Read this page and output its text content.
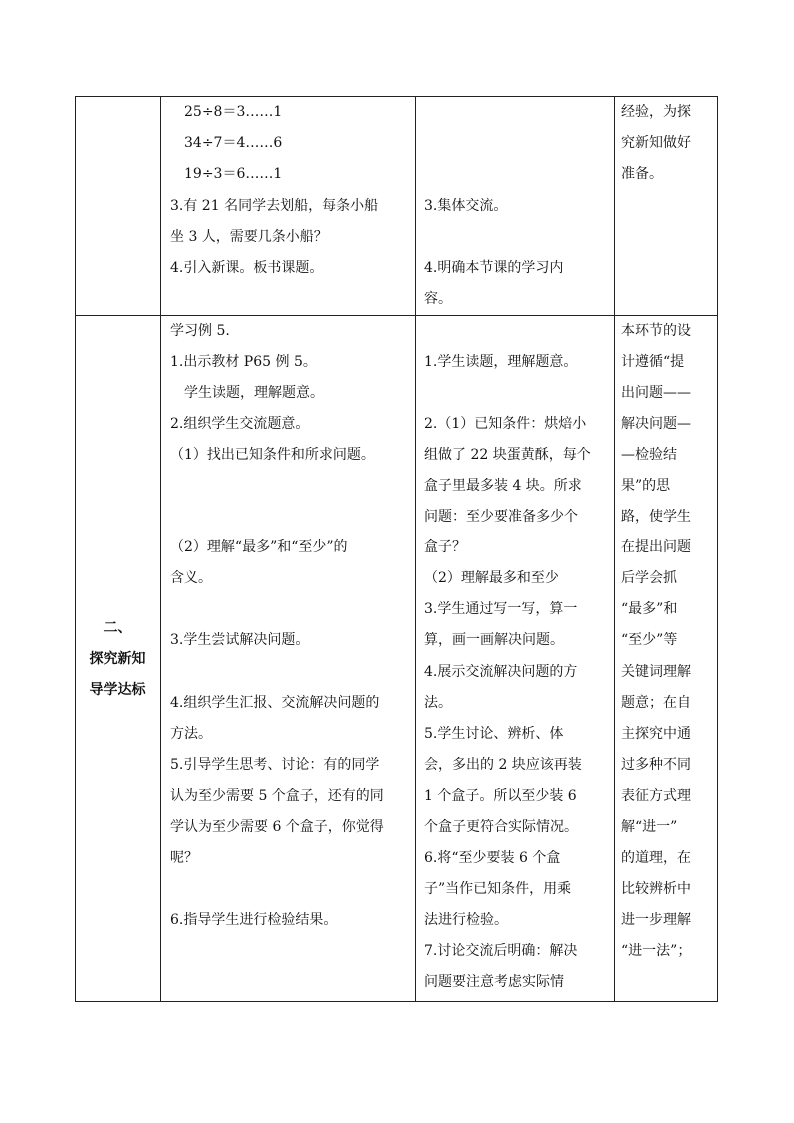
25÷8＝3……1
34÷7＝4……6
19÷3＝6……1
3.有 21 名同学去划船，每条小船
坐 3 人，需要几条小船？
4.引入新课。板书课题。
3.集体交流。
4.明确本节课的学习内
容。
经验，为探
究新知做好
准备。
二、
探究新知
导学达标
学习例 5.
1.出示教材 P65 例 5。
学生读题，理解题意。
2.组织学生交流题意。
（1）找出已知条件和所求问题。
（2）理解“最多”和“至少”的
含义。
3.学生尝试解决问题。
4.组织学生汇报、交流解决问题的
方法。
5.引导学生思考、讨论：有的同学
认为至少需要 5 个盒子，还有的同
学认为至少需要 6 个盒子，你觉得
呢？
6.指导学生进行检验结果。
1.学生读题，理解题意。
2.（1）已知条件：烘焙小
组做了 22 块蛋黄酥，每个
盒子里最多装 4 块。所求
问题：至少要准备多少个
盒子？
（2）理解最多和至少
3.学生通过写一写，算一
算，画一画解决问题。
4.展示交流解决问题的方
法。
5.学生讨论、辨析、体
会，多出的 2 块应该再装
1 个盒子。所以至少装 6
个盒子更符合实际情况。
6.将“至少要装 6 个盒
子”当作已知条件，用乘
法进行检验。
7.讨论交流后明确：解决
问题要注意考虑实际情
本环节的设
计遵循“提
出问题——
解决问题—
—检验结
果”的思
路，使学生
在提出问题
后学会抓
“最多”和
“至少”等
关键词理解
题意；在自
主探究中通
过多种不同
表征方式理
解“进一”
的道理，在
比较辨析中
进一步理解
“进一法”；
